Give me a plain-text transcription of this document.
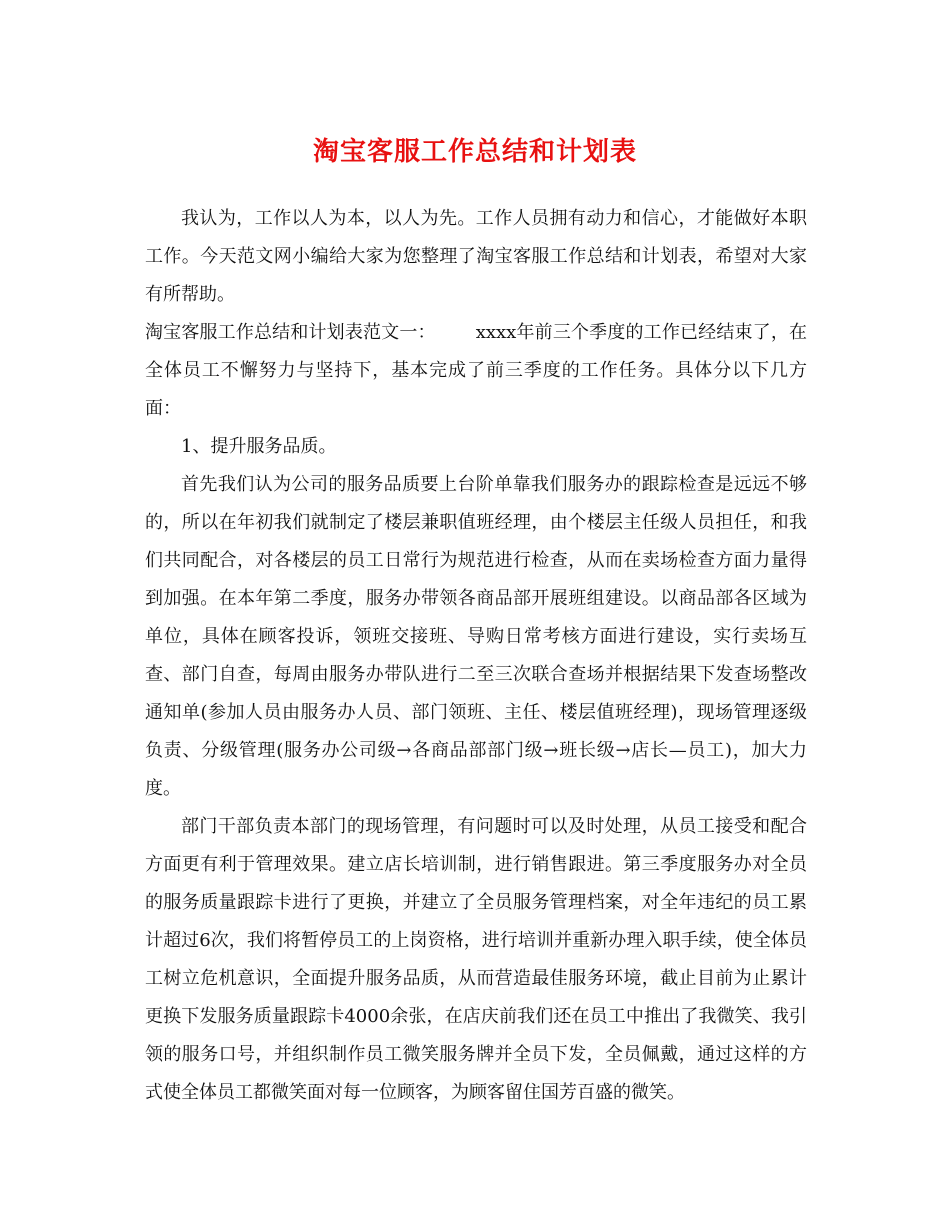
淘宝客服工作总结和计划表

我认为，工作以人为本，以人为先。工作人员拥有动力和信心，才能做好本职工作。今天范文网小编给大家为您整理了淘宝客服工作总结和计划表，希望对大家有所帮助。

淘宝客服工作总结和计划表范文一： xxxx年前三个季度的工作已经结束了，在全体员工不懈努力与坚持下，基本完成了前三季度的工作任务。具体分以下几方面：

1、提升服务品质。

首先我们认为公司的服务品质要上台阶单靠我们服务办的跟踪检查是远远不够的，所以在年初我们就制定了楼层兼职值班经理，由个楼层主任级人员担任，和我们共同配合，对各楼层的员工日常行为规范进行检查，从而在卖场检查方面力量得到加强。在本年第二季度，服务办带领各商品部开展班组建设。以商品部各区域为单位，具体在顾客投诉，领班交接班、导购日常考核方面进行建设，实行卖场互查、部门自查，每周由服务办带队进行二至三次联合查场并根据结果下发查场整改通知单(参加人员由服务办人员、部门领班、主任、楼层值班经理)，现场管理逐级负责、分级管理(服务办公司级→各商品部部门级→班长级→店长—员工)，加大力度。

部门干部负责本部门的现场管理，有问题时可以及时处理，从员工接受和配合方面更有利于管理效果。建立店长培训制，进行销售跟进。第三季度服务办对全员的服务质量跟踪卡进行了更换，并建立了全员服务管理档案，对全年违纪的员工累计超过6次，我们将暂停员工的上岗资格，进行培训并重新办理入职手续，使全体员工树立危机意识，全面提升服务品质，从而营造最佳服务环境，截止目前为止累计更换下发服务质量跟踪卡4000余张，在店庆前我们还在员工中推出了我微笑、我引领的服务口号，并组织制作员工微笑服务牌并全员下发，全员佩戴，通过这样的方式使全体员工都微笑面对每一位顾客，为顾客留住国芳百盛的微笑。
